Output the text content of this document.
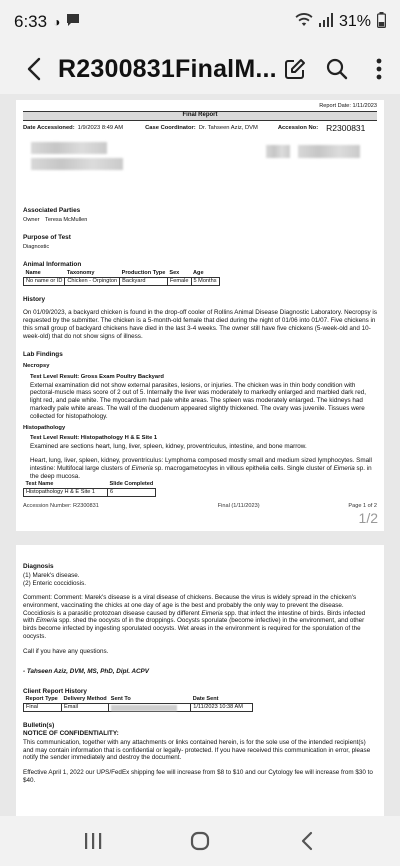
6:33 ◑	31%
R2300831FinalM...
Report Date: 1/11/2023
Final Report
Date Accessioned: 1/9/2023 8:49 AM	Case Coordinator: Dr. Tahseen Aziz, DVM	Accession No: R2300831
Associated Parties
Owner Teresa McMullen
Purpose of Test
Diagnostic
Animal Information
Name	Taxonomy	Production Type	Sex	Age
No name or ID	Chicken - Orpington	Backyard	Female	5 Months
History
On 01/09/2023, a backyard chicken is found in the drop-off cooler of Rollins Animal Disease Diagnostic Laboratory. Necropsy is requested by the submitter. The chicken is a 5-month-old female that died during the night of 01/06 into 01/07. Five chickens in this small group of backyard chickens have died in the last 3-4 weeks. The owner still have five chickens (5-week-old and 10-week-old) that do not show signs of illness.
Lab Findings
Necropsy
Test Level Result: Gross Exam Poultry Backyard
External examination did not show external parasites, lesions, or injuries. The chicken was in thin body condition with pectoral-muscle mass score of 2 out of 5. Internally the liver was moderately to markedly enlarged and marbled dark red, light red, and pale white. The myocardium had pale white areas. The spleen was moderately enlarged. The kidneys had markedly pale white areas. The wall of the duodenum appeared slightly thickened. The ovary was juvenile. Tissues were collected for histopathology.
Histopathology
Test Level Result: Histopathology H & E Site 1
Examined are sections heart, lung, liver, spleen, kidney, proventriculus, intestine, and bone marrow.
Heart, lung, liver, spleen, kidney, proventriculus: Lymphoma composed mostly small and medium sized lymphocytes. Small intestine: Multifocal large clusters of Eimeria sp. macrogametocytes in villous epithelia cells. Single cluster of Eimeria sp. in the deep mucosa.
Test Name	Slide Completed
Histopathology H & E Site 1	6
Accession Number: R2300831	Final (1/11/2023)	Page 1 of 2
1/2
Diagnosis
(1) Marek's disease.
(2) Enteric coccidiosis.
Comment: Comment: Marek's disease is a viral disease of chickens. Because the virus is widely spread in the chicken's environment, vaccinating the chicks at one day of age is the best and probably the only way to prevent the disease.
Coccidiosis is a parasitic protozoan disease caused by different Eimeria spp. that infect the intestine of birds. Birds infected with Eimeria spp. shed the oocysts of in the droppings. Oocysts sporulate (become infective) in the environment, and other birds become infected by ingesting sporulated oocysts. Wet areas in the environment is required for the sporulation of the oocysts.
Call if you have any questions.
- Tahseen Aziz, DVM, MS, PhD, Dipl. ACPV
Client Report History
Report Type	Delivery Method	Sent To	Date Sent
Final	Email		1/11/2023 10:38 AM
Bulletin(s)
NOTICE OF CONFIDENTIALITY:
This communication, together with any attachments or links contained herein, is for the sole use of the intended recipient(s) and may contain information that is confidential or legally- protected. If you have received this communication in error, please notify the sender immediately and destroy the document.
Effective April 1, 2022 our UPS/FedEx shipping fee will increase from $8 to $10 and our Cytology fee will increase from $30 to $40.
